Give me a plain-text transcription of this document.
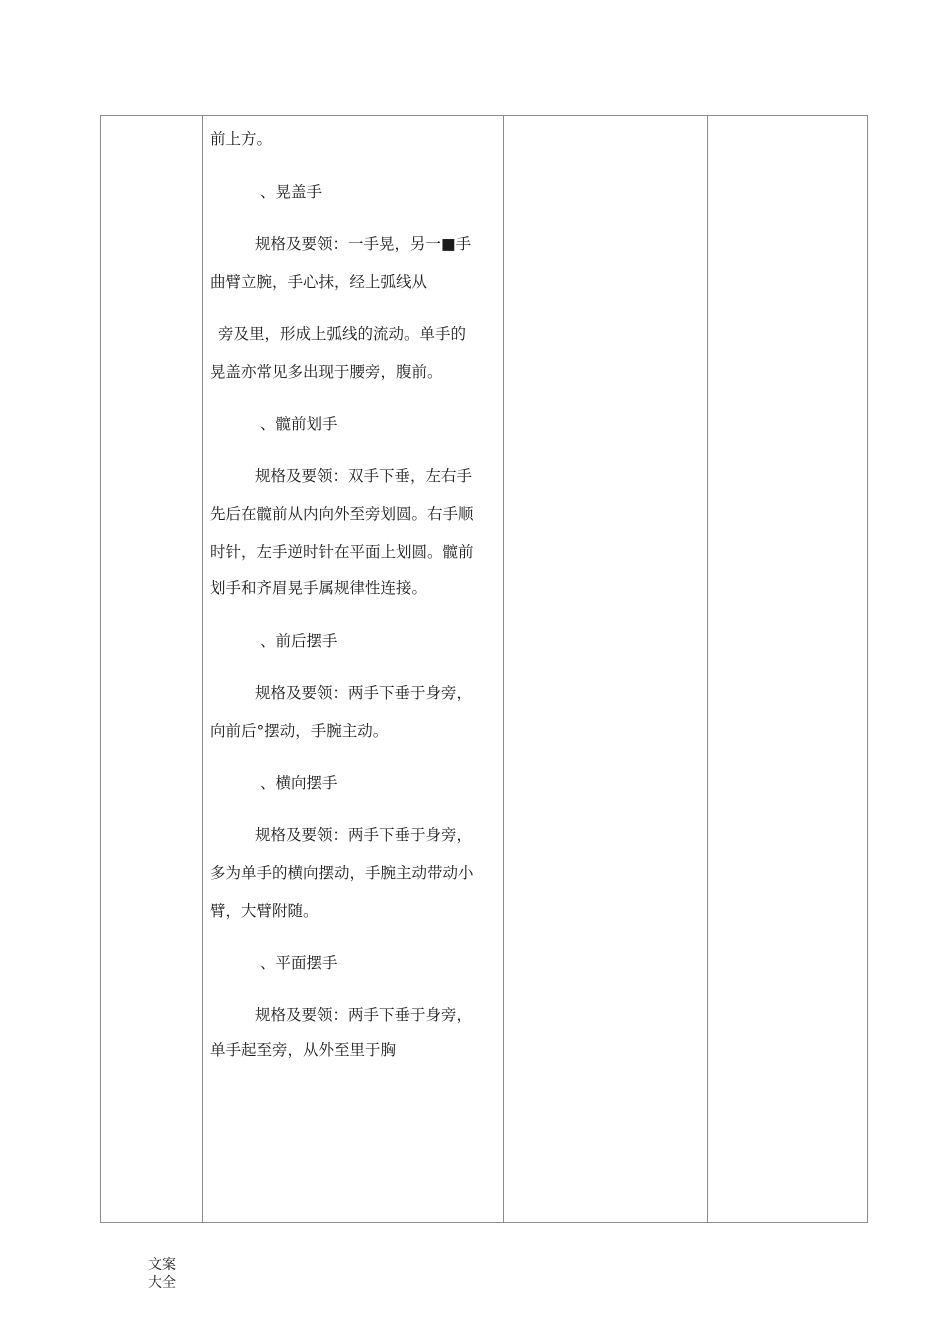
前上方。
、晃盖手
规格及要领：一手晃，另一■手
曲臂立腕，手心抹，经上弧线从
旁及里，形成上弧线的流动。单手的
晃盖亦常见多出现于腰旁，腹前。
、髋前划手
规格及要领：双手下垂，左右手
先后在髋前从内向外至旁划圆。右手顺
时针，左手逆时针在平面上划圆。髋前
划手和齐眉晃手属规律性连接。
、前后摆手
规格及要领：两手下垂于身旁，
向前后°摆动，手腕主动。
、横向摆手
规格及要领：两手下垂于身旁，
多为单手的横向摆动，手腕主动带动小
臂，大臂附随。
、平面摆手
规格及要领：两手下垂于身旁，
单手起至旁，从外至里于胸

文案
大全
